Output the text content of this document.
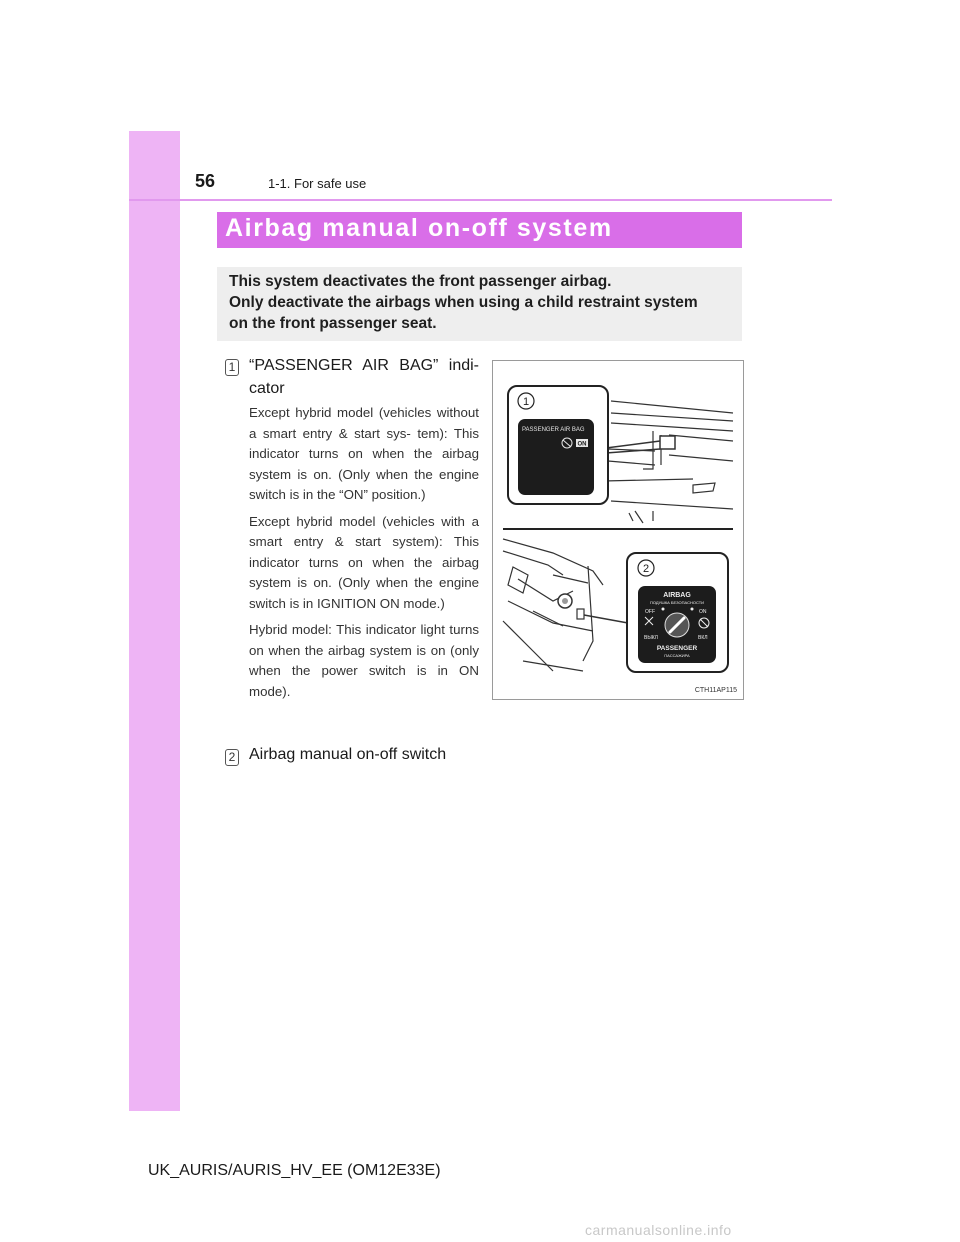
56	1-1. For safe use
Airbag manual on-off system

This system deactivates the front passenger airbag.

Only deactivate the airbags when using a child restraint system

on the front passenger seat.

1 “PASSENGER AIR BAG” indi-
cator

Except hybrid model (vehicles without a smart entry & start sys- tem): This indicator turns on when the airbag system is on. (Only when the engine switch is in the “ON” position.)

Except hybrid model (vehicles with a smart entry & start system): This indicator turns on when the airbag system is on. (Only when the engine switch is in IGNITION ON mode.)

Hybrid model: This indicator light turns on when the airbag system is on (only when the power switch is in ON mode).

2 Airbag manual on-off switch
1
PASSENGER AIR BAG
ON
2
AIRBAG
ПОДУШКА БЕЗОПАСНОСТИ
OFF	ON
ВЫКЛ	ВКЛ
PASSENGER
ПАССАЖИРА
CTH11AP115
UK_AURIS/AURIS_HV_EE (OM12E33E)
carmanualsonline.info
